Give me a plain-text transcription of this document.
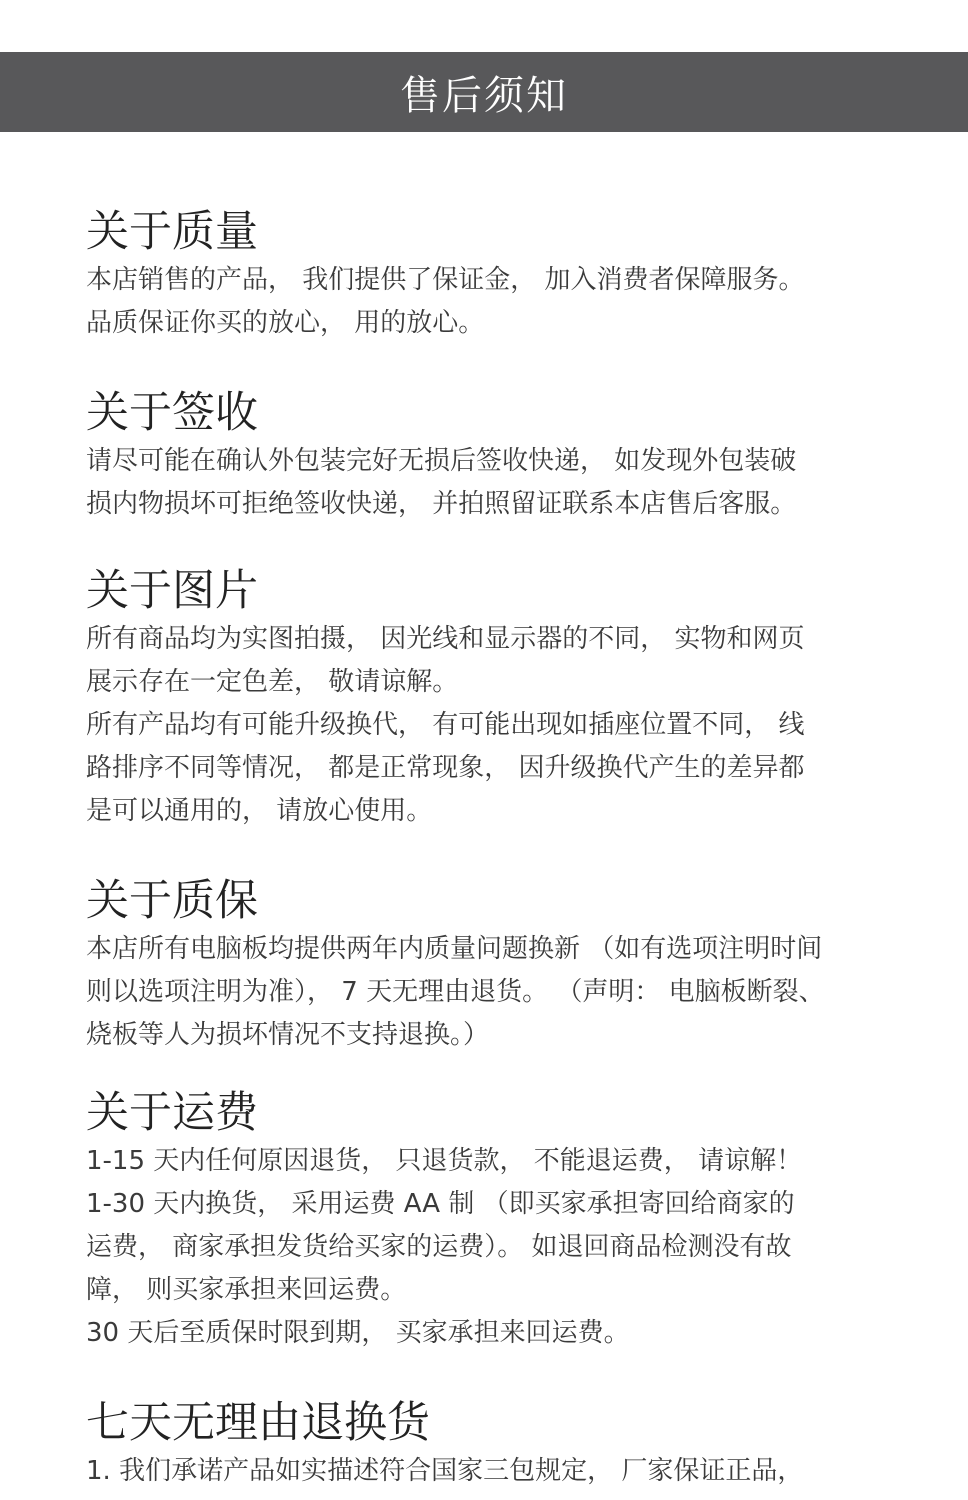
售后须知
关于质量

本店销售的产品， 我们提供了保证金， 加入消费者保障服务。
品质保证你买的放心， 用的放心。

关于签收

请尽可能在确认外包装完好无损后签收快递， 如发现外包装破
损内物损坏可拒绝签收快递， 并拍照留证联系本店售后客服。

关于图片

所有商品均为实图拍摄， 因光线和显示器的不同， 实物和网页
展示存在一定色差， 敬请谅解。
所有产品均有可能升级换代， 有可能出现如插座位置不同， 线
路排序不同等情况， 都是正常现象， 因升级换代产生的差异都
是可以通用的， 请放心使用。

关于质保

本店所有电脑板均提供两年内质量问题换新 （如有选项注明时间
则以选项注明为准）， 7 天无理由退货。 （声明： 电脑板断裂、
烧板等人为损坏情况不支持退换。）

关于运费

1-15 天内任何原因退货， 只退货款， 不能退运费， 请谅解！
1-30 天内换货， 采用运费 AA 制 （即买家承担寄回给商家的
运费， 商家承担发货给买家的运费）。 如退回商品检测没有故
障， 则买家承担来回运费。
30 天后至质保时限到期， 买家承担来回运费。

七天无理由退换货

1. 我们承诺产品如实描述符合国家三包规定， 厂家保证正品，
